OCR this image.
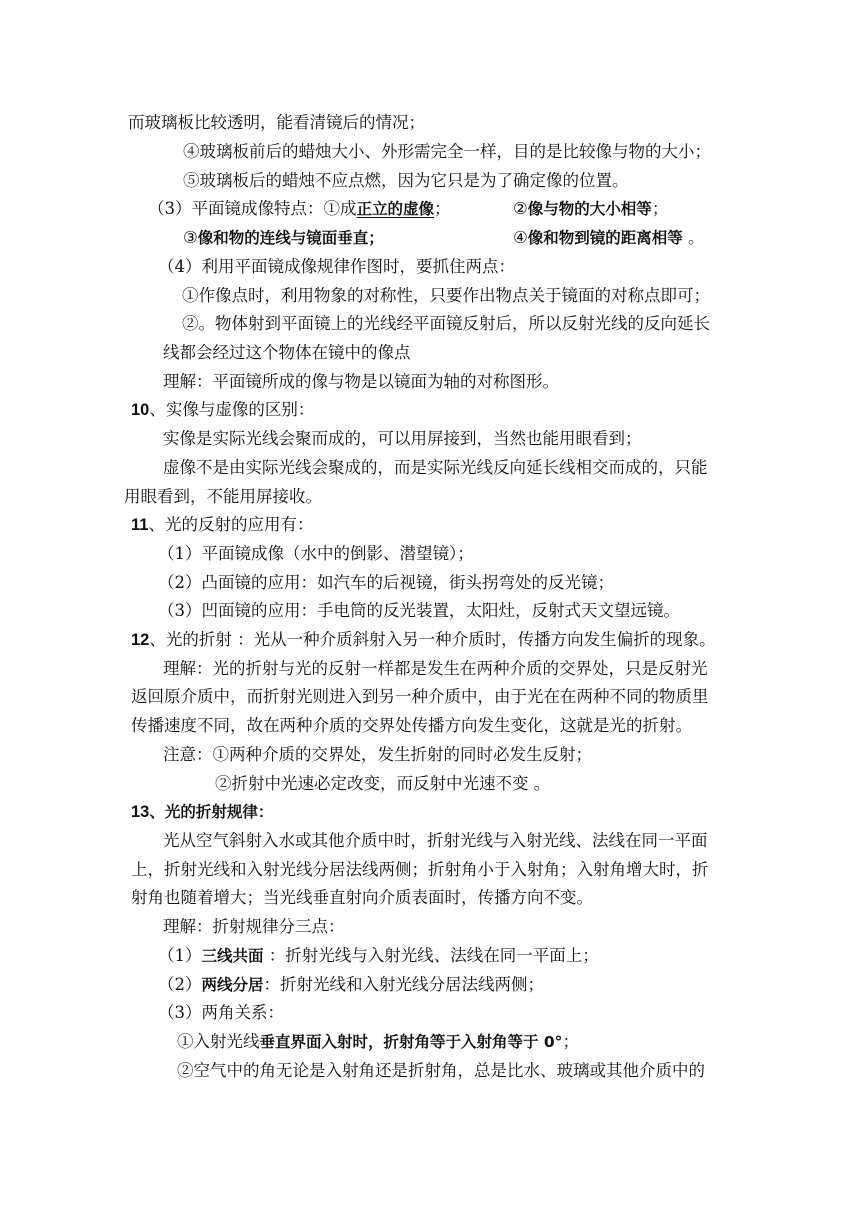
而玻璃板比较透明，能看清镜后的情况；
④玻璃板前后的蜡烛大小、外形需完全一样，目的是比较像与物的大小；
⑤玻璃板后的蜡烛不应点燃，因为它只是为了确定像的位置。
（3）平面镜成像特点：①成正立的虚像；	②像与物的大小相等；
③像和物的连线与镜面垂直；	④像和物到镜的距离相等 。
（4）利用平面镜成像规律作图时，要抓住两点：
①作像点时，利用物象的对称性，只要作出物点关于镜面的对称点即可；
②。物体射到平面镜上的光线经平面镜反射后，所以反射光线的反向延长
线都会经过这个物体在镜中的像点
理解：平面镜所成的像与物是以镜面为轴的对称图形。
10、实像与虚像的区别：
实像是实际光线会聚而成的，可以用屏接到，当然也能用眼看到；
虚像不是由实际光线会聚成的，而是实际光线反向延长线相交而成的，只能
用眼看到，不能用屏接收。
11、光的反射的应用有：
（1）平面镜成像（水中的倒影、潜望镜）；
（2）凸面镜的应用：如汽车的后视镜，街头拐弯处的反光镜；
（3）凹面镜的应用：手电筒的反光装置，太阳灶，反射式天文望远镜。
12、光的折射 ：光从一种介质斜射入另一种介质时，传播方向发生偏折的现象。
理解：光的折射与光的反射一样都是发生在两种介质的交界处，只是反射光
返回原介质中，而折射光则进入到另一种介质中，由于光在在两种不同的物质里
传播速度不同，故在两种介质的交界处传播方向发生变化，这就是光的折射。
注意：①两种介质的交界处，发生折射的同时必发生反射；
②折射中光速必定改变，而反射中光速不变 。
13、光的折射规律：
光从空气斜射入水或其他介质中时，折射光线与入射光线、法线在同一平面
上，折射光线和入射光线分居法线两侧；折射角小于入射角；入射角增大时，折
射角也随着增大；当光线垂直射向介质表面时，传播方向不变。
理解：折射规律分三点：
（1）三线共面 ：折射光线与入射光线、法线在同一平面上；
（2）两线分居：折射光线和入射光线分居法线两侧；
（3）两角关系：
①入射光线垂直界面入射时，折射角等于入射角等于 0°；
②空气中的角无论是入射角还是折射角，总是比水、玻璃或其他介质中的
